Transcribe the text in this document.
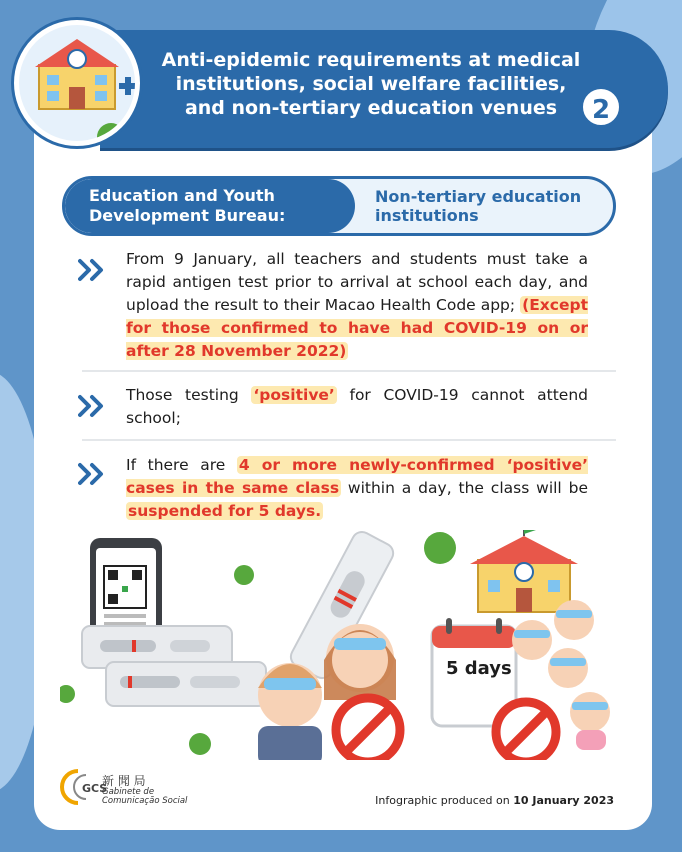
Anti-epidemic requirements at medical institutions, social welfare facilities, and non-tertiary education venues	2
Education and Youth Development Bureau:
Non-tertiary education institutions
From 9 January, all teachers and students must take a rapid antigen test prior to arrival at school each day, and upload the result to their Macao Health Code app; (Except for those confirmed to have had COVID-19 on or after 28 November 2022)
Those testing ‘positive’ for COVID-19 cannot attend school;
If there are 4 or more newly-confirmed ‘positive’ cases in the same class within a day, the class will be suspended for 5 days.
5 days
GCS
新 聞 局
Gabinete de
Comunicação Social	Infographic produced on 10 January 2023
